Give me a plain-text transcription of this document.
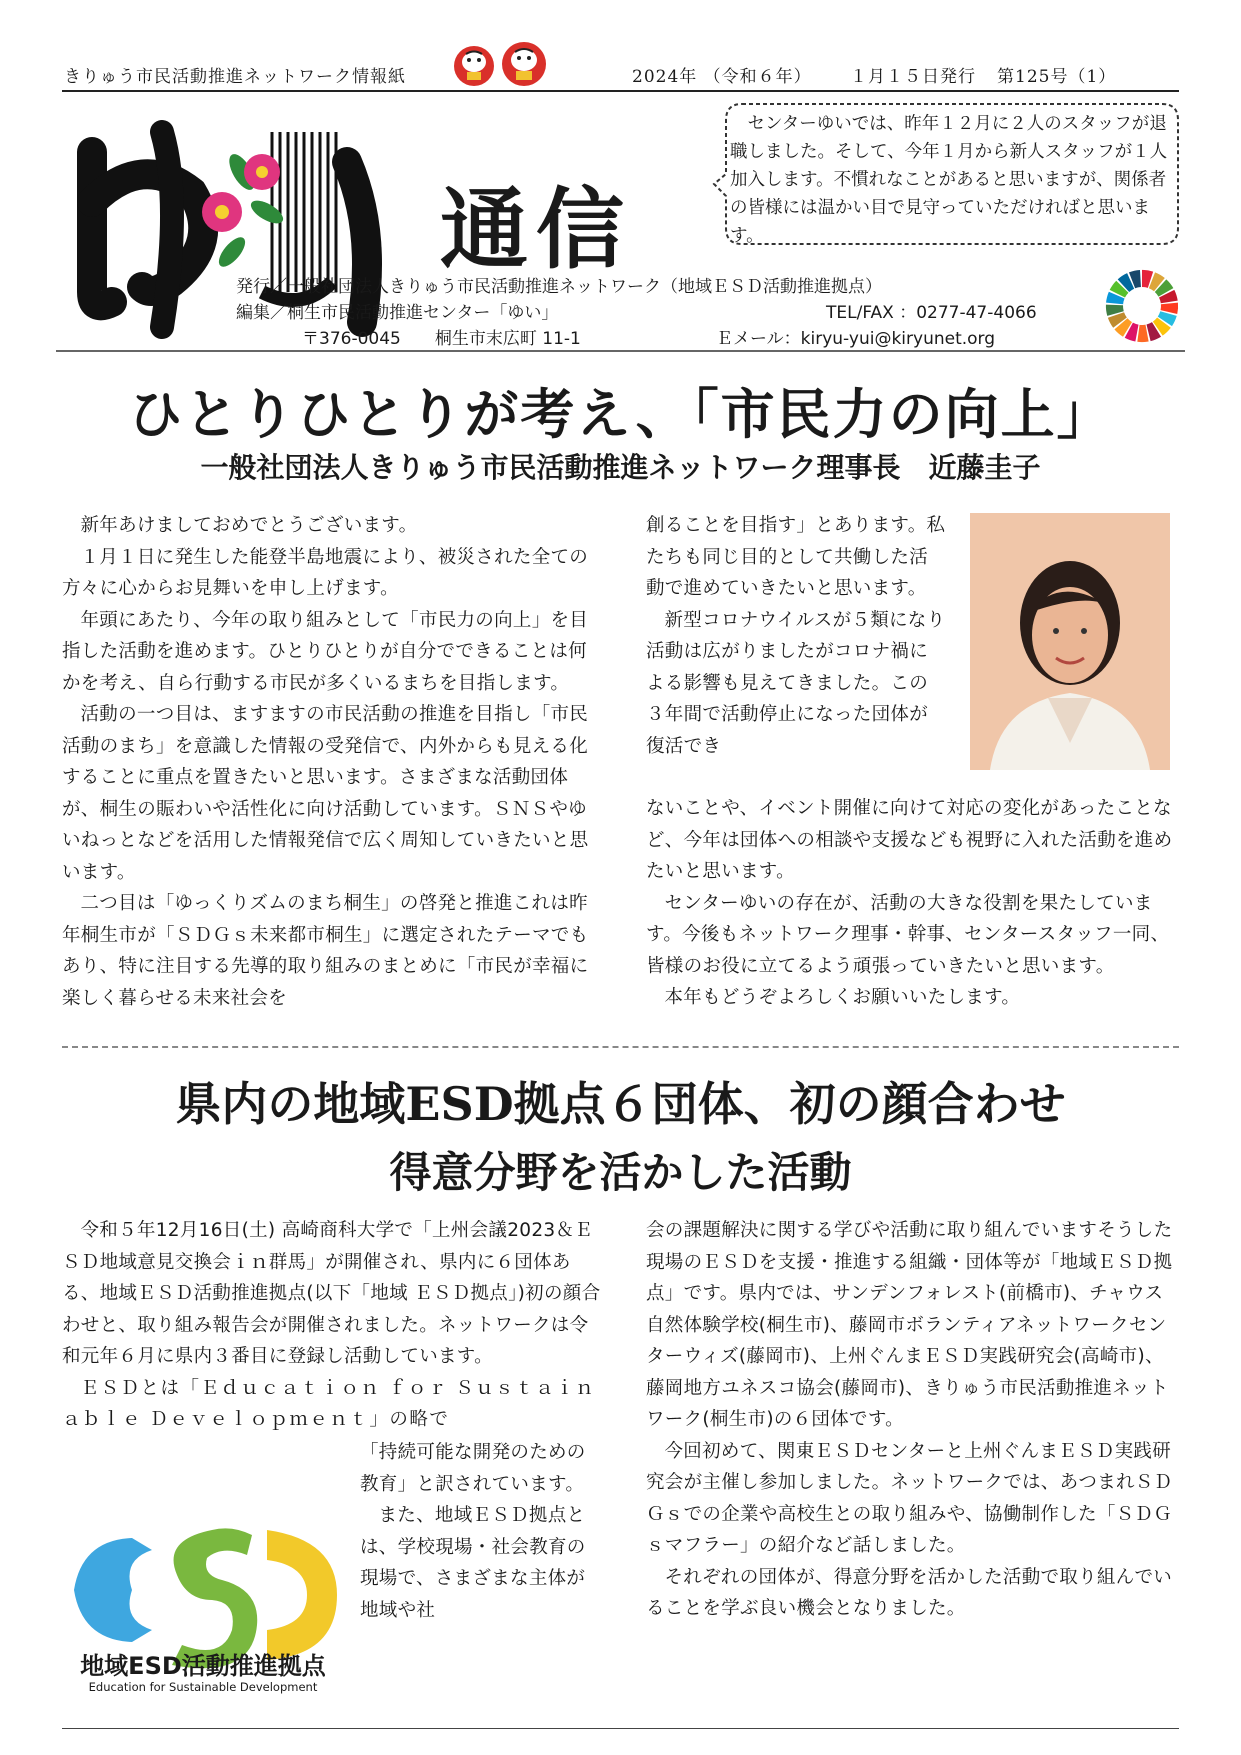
きりゅう市民活動推進ネットワーク情報紙	2024年 （令和６年） １月１５日発行 第125号（1）
通信
センターゆいでは、昨年１２月に２人のスタッフが退職しました。そして、今年１月から新人スタッフが１人加入します。不慣れなことがあると思いますが、関係者の皆様には温かい目で見守っていただければと思います。
発行／一般社団法人きりゅう市民活動推進ネットワーク（地域ＥＳＤ活動推進拠点）
編集／桐生市民活動推進センター「ゆい」	TEL/FAX ：0277-47-4066
〒376-0045　　桐生市末広町 11-1	Ｅメール：kiryu-yui@kiryunet.org
ひとりひとりが考え、「市民力の向上」
一般社団法人きりゅう市民活動推進ネットワーク理事長　近藤圭子

新年あけましておめでとうございます。

１月１日に発生した能登半島地震により、被災された全ての方々に心からお見舞いを申し上げます。

年頭にあたり、今年の取り組みとして「市民力の向上」を目指した活動を進めます。ひとりひとりが自分でできることは何かを考え、自ら行動する市民が多くいるまちを目指します。

活動の一つ目は、ますますの市民活動の推進を目指し「市民活動のまち」を意識した情報の受発信で、内外からも見える化することに重点を置きたいと思います。さまざまな活動団体が、桐生の賑わいや活性化に向け活動しています。ＳＮＳやゆいねっとなどを活用した情報発信で広く周知していきたいと思います。

二つ目は「ゆっくりズムのまち桐生」の啓発と推進これは昨年桐生市が「ＳＤＧｓ未来都市桐生」に選定されたテーマでもあり、特に注目する先導的取り組みのまとめに「市民が幸福に楽しく暮らせる未来社会を

創ることを目指す」とあります。私たちも同じ目的として共働した活動で進めていきたいと思います。

新型コロナウイルスが５類になり活動は広がりましたがコロナ禍による影響も見えてきました。この３年間で活動停止になった団体が復活でき

ないことや、イベント開催に向けて対応の変化があったことなど、今年は団体への相談や支援なども視野に入れた活動を進めたいと思います。

センターゆいの存在が、活動の大きな役割を果たしています。今後もネットワーク理事・幹事、センタースタッフ一同、皆様のお役に立てるよう頑張っていきたいと思います。

本年もどうぞよろしくお願いいたします。

県内の地域ESD拠点６団体、初の顔合わせ
得意分野を活かした活動

令和５年12月16日(土) 高崎商科大学で「上州会議2023＆ＥＳＤ地域意見交換会ｉｎ群馬」が開催され、県内に６団体ある、地域ＥＳＤ活動推進拠点(以下「地域 ＥＳＤ拠点」)初の顔合わせと、取り組み報告会が開催されました。ネットワークは令和元年６月に県内３番目に登録し活動しています。

ＥＳＤとは「Ｅｄｕｃａｔｉｏｎ ｆｏｒ Ｓｕｓｔａｉｎａｂｌｅ Ｄｅｖｅｌｏｐｍｅｎｔ」の略で

「持続可能な開発のための教育」と訳されています。

また、地域ＥＳＤ拠点とは、学校現場・社会教育の現場で、さまざまな主体が地域や社

地域ESD活動推進拠点
Education for Sustainable Development

会の課題解決に関する学びや活動に取り組んでいますそうした現場のＥＳＤを支援・推進する組織・団体等が「地域ＥＳＤ拠点」です。県内では、サンデンフォレスト(前橋市)、チャウス自然体験学校(桐生市)、藤岡市ボランティアネットワークセンターウィズ(藤岡市)、上州ぐんまＥＳＤ実践研究会(高崎市)、藤岡地方ユネスコ協会(藤岡市)、きりゅう市民活動推進ネットワーク(桐生市)の６団体です。

今回初めて、関東ＥＳＤセンターと上州ぐんまＥＳＤ実践研究会が主催し参加しました。ネットワークでは、あつまれＳＤＧｓでの企業や高校生との取り組みや、協働制作した「ＳＤＧｓマフラー」の紹介など話しました。

それぞれの団体が、得意分野を活かした活動で取り組んでいることを学ぶ良い機会となりました。
